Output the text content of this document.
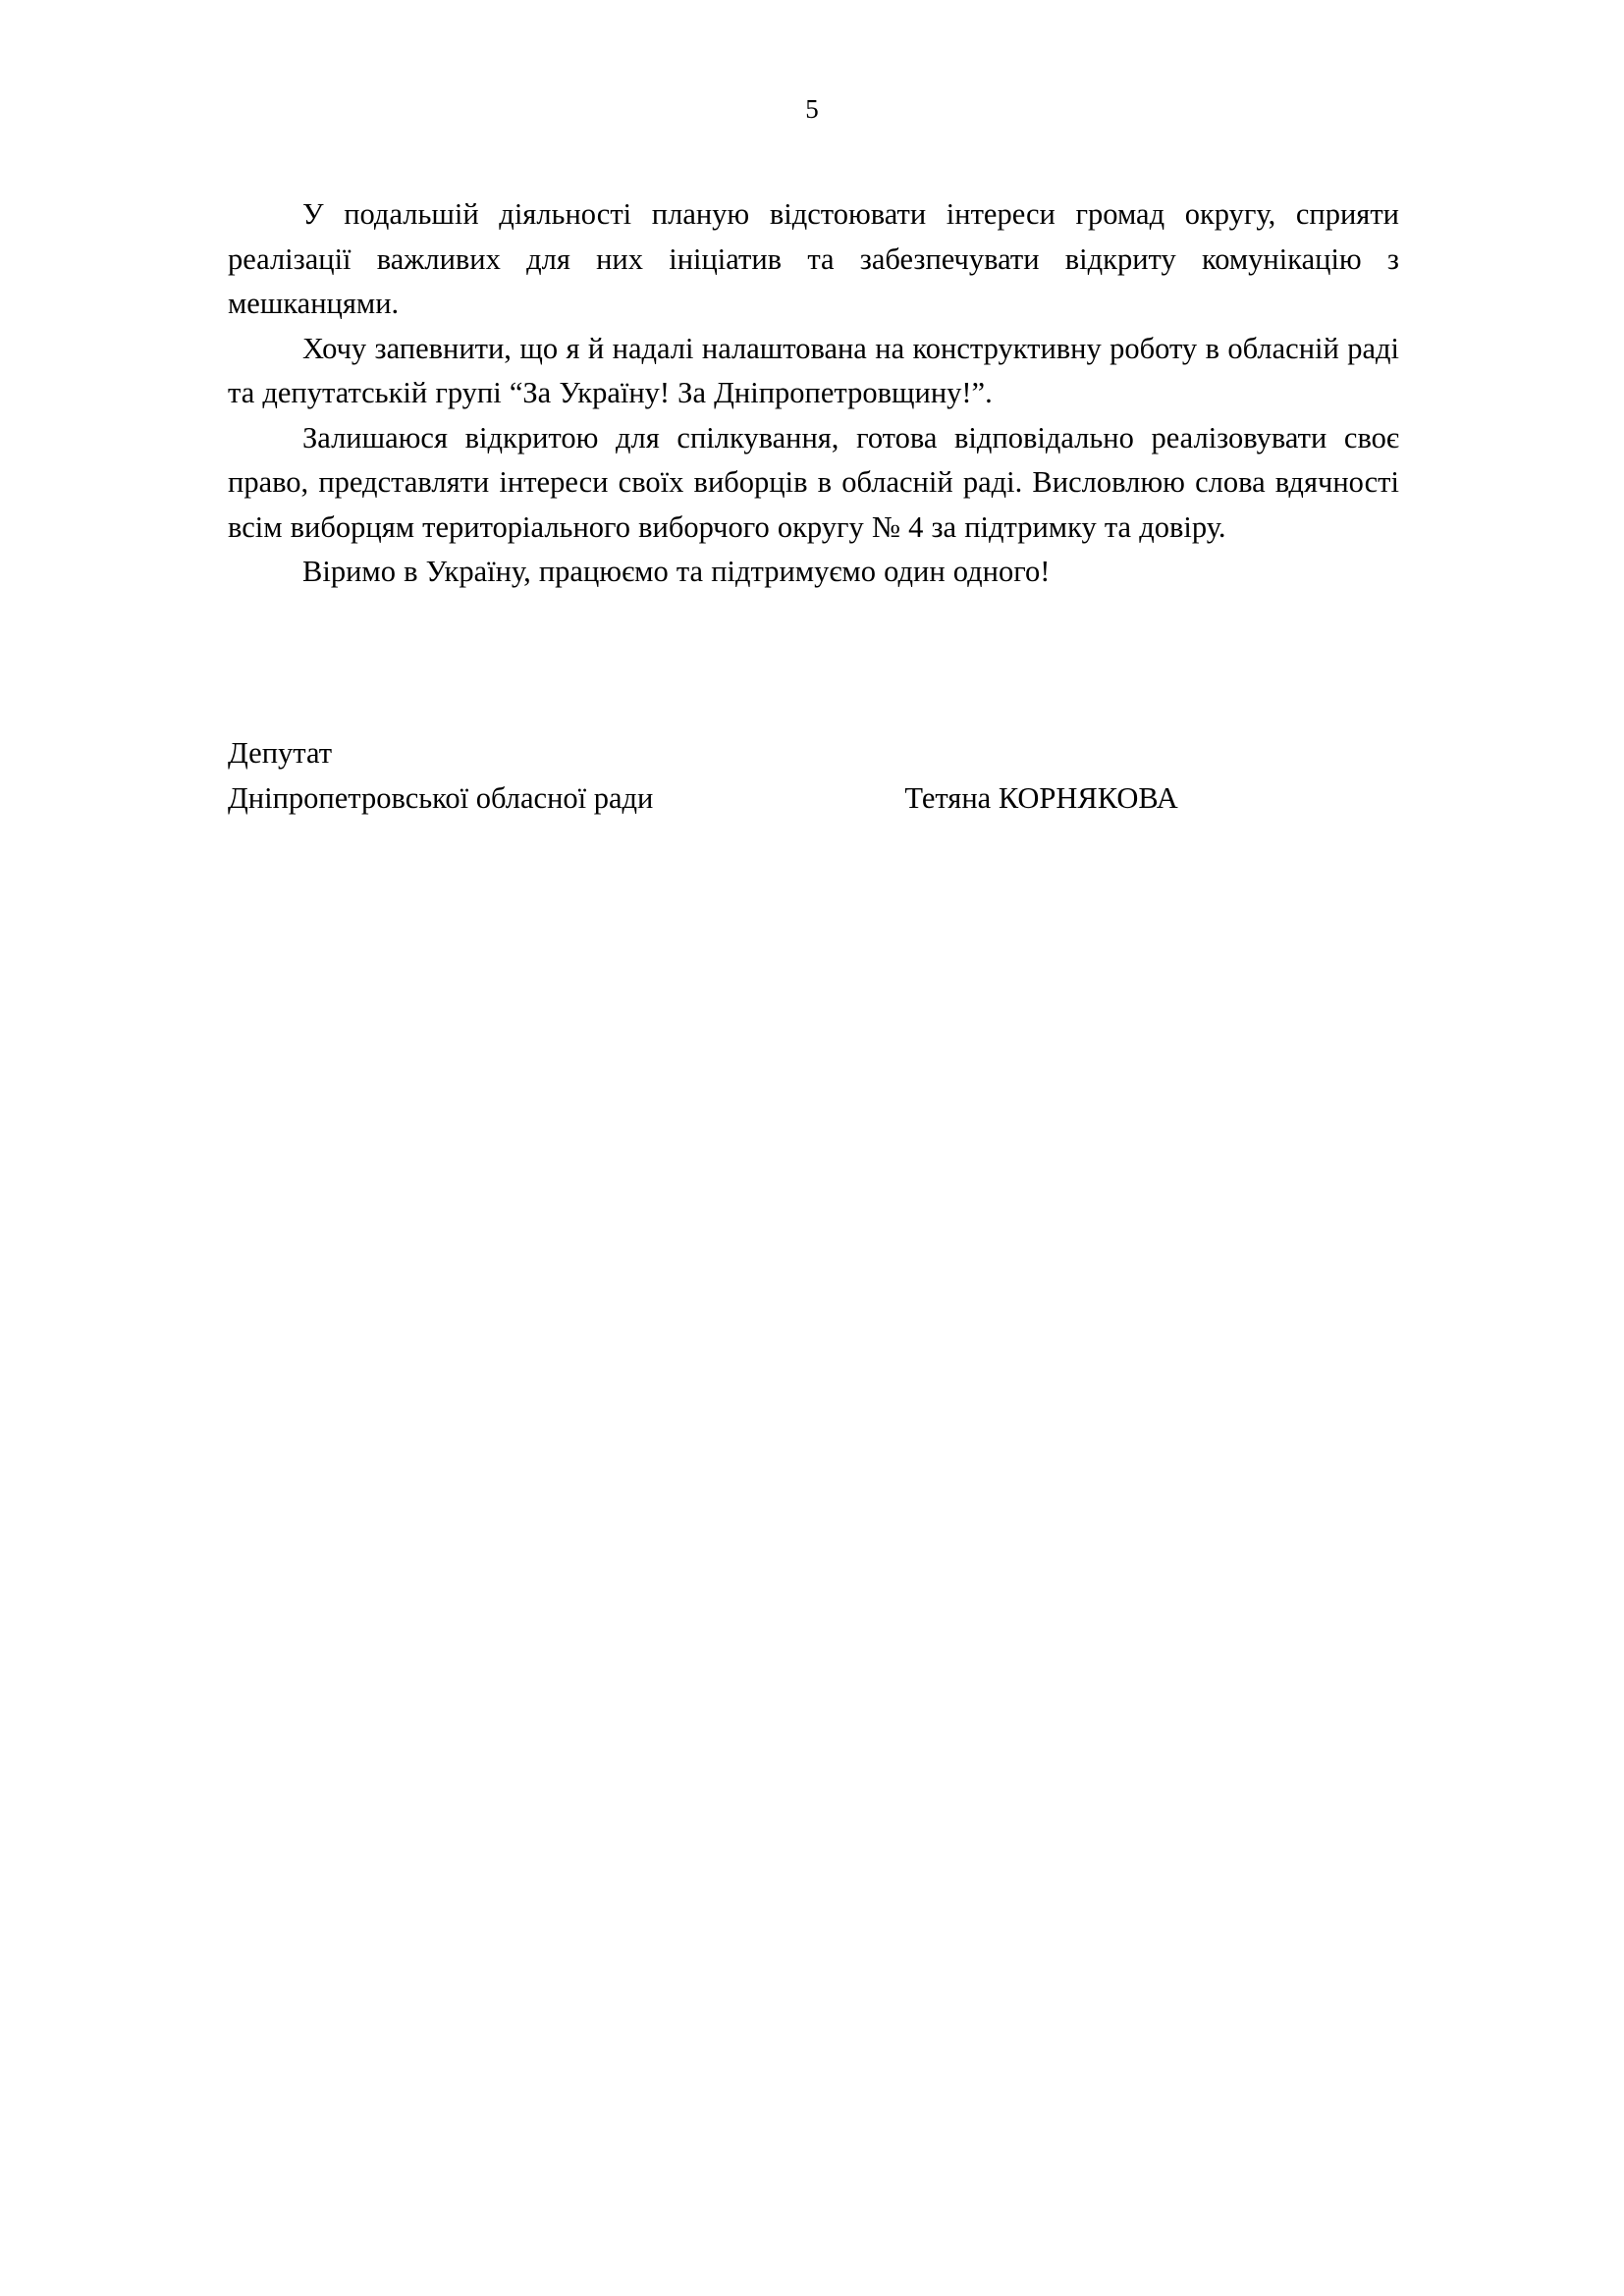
5

У подальшій діяльності планую відстоювати інтереси громад округу, сприяти реалізації важливих для них ініціатив та забезпечувати відкриту комунікацію з мешканцями.

Хочу запевнити, що я й надалі налаштована на конструктивну роботу в обласній раді та депутатській групі “За Україну! За Дніпропетровщину!”.

Залишаюся відкритою для спілкування, готова відповідально реалізовувати своє право, представляти інтереси своїх виборців в обласній раді. Висловлюю слова вдячності всім виборцям територіального виборчого округу № 4 за підтримку та довіру.

Віримо в Україну, працюємо та підтримуємо один одного!

Депутат
Дніпропетровської обласної ради	Тетяна КОРНЯКОВА
